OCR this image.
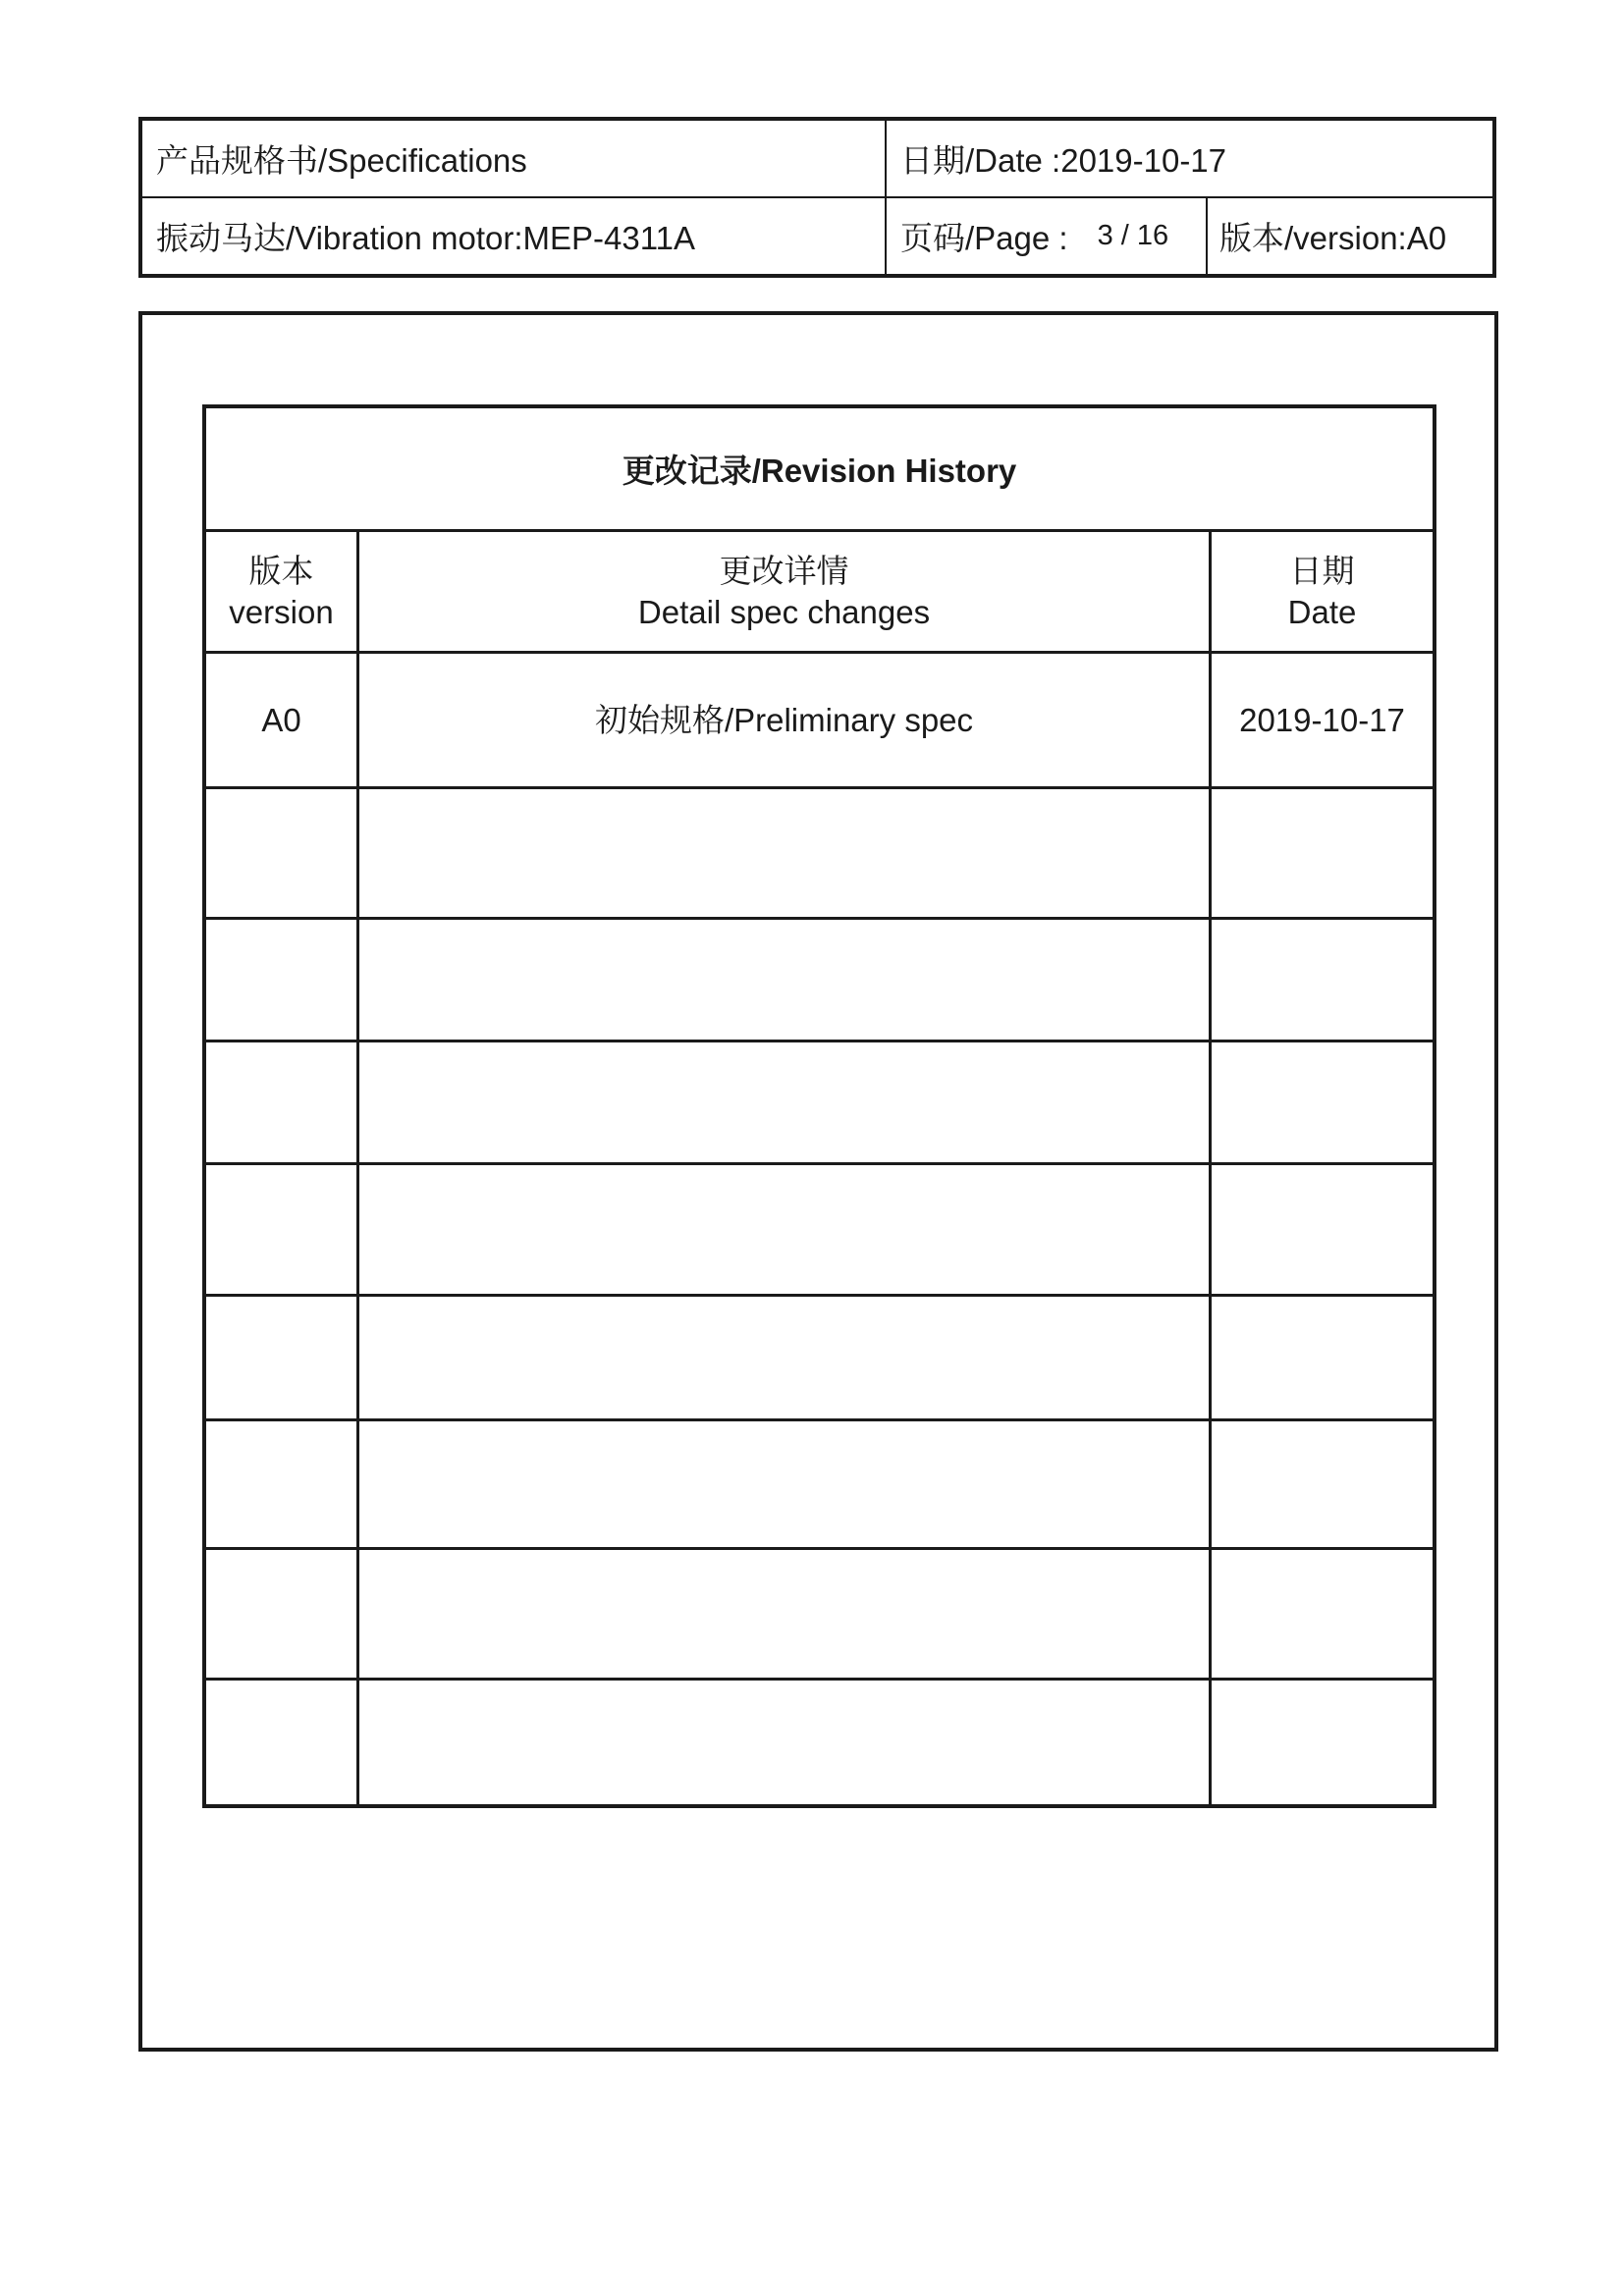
产品规格书/Specifications
振动马达/Vibration motor:MEP-4311A
日期/Date :2019-10-17
页码/Page : 3 / 16 版本/version:A0
更改记录/Revision History
版本
version
更改详情
Detail spec changes
日期
Date
A0	初始规格/Preliminary spec	2019-10-17
